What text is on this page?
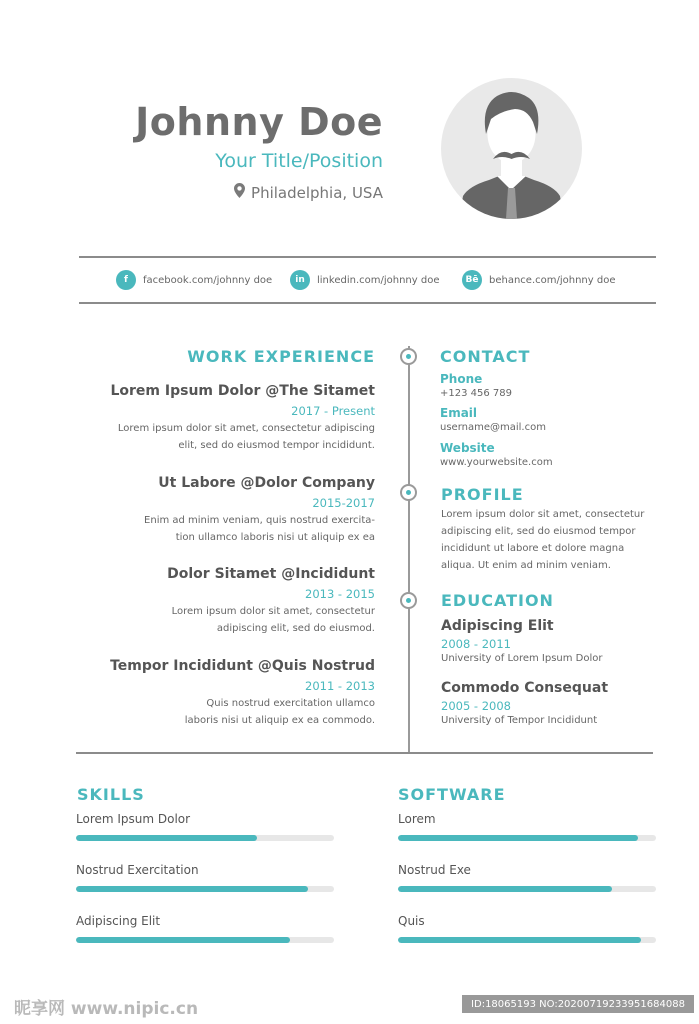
Johnny Doe
Your Title/Position
Philadelphia, USA
f	facebook.com/johnny doe	in	linkedin.com/johnny doe	Bē	behance.com/johnny doe
WORK EXPERIENCE
Lorem Ipsum Dolor @The Sitamet
2017 - Present
Lorem ipsum dolor sit amet, consectetur adipiscing
elit, sed do eiusmod tempor incididunt.
Ut Labore @Dolor Company
2015-2017
Enim ad minim veniam, quis nostrud exercita-
tion ullamco laboris nisi ut aliquip ex ea
Dolor Sitamet @Incididunt
2013 - 2015
Lorem ipsum dolor sit amet, consectetur
adipiscing elit, sed do eiusmod.
Tempor Incididunt @Quis Nostrud
2011 - 2013
Quis nostrud exercitation ullamco
laboris nisi ut aliquip ex ea commodo.
CONTACT
Phone
+123 456 789
Email
username@mail.com
Website
www.yourwebsite.com
PROFILE
Lorem ipsum dolor sit amet, consectetur adipiscing elit, sed do eiusmod tempor incididunt ut labore et dolore magna aliqua. Ut enim ad minim veniam.
EDUCATION
Adipiscing Elit
2008 - 2011
University of Lorem Ipsum Dolor
Commodo Consequat
2005 - 2008
University of Tempor Incididunt
SKILLS
Lorem Ipsum Dolor
Nostrud Exercitation
Adipiscing Elit
SOFTWARE
Lorem
Nostrud Exe
Quis
昵享网 www.nipic.cn	ID:18065193 NO:20200719233951684088
